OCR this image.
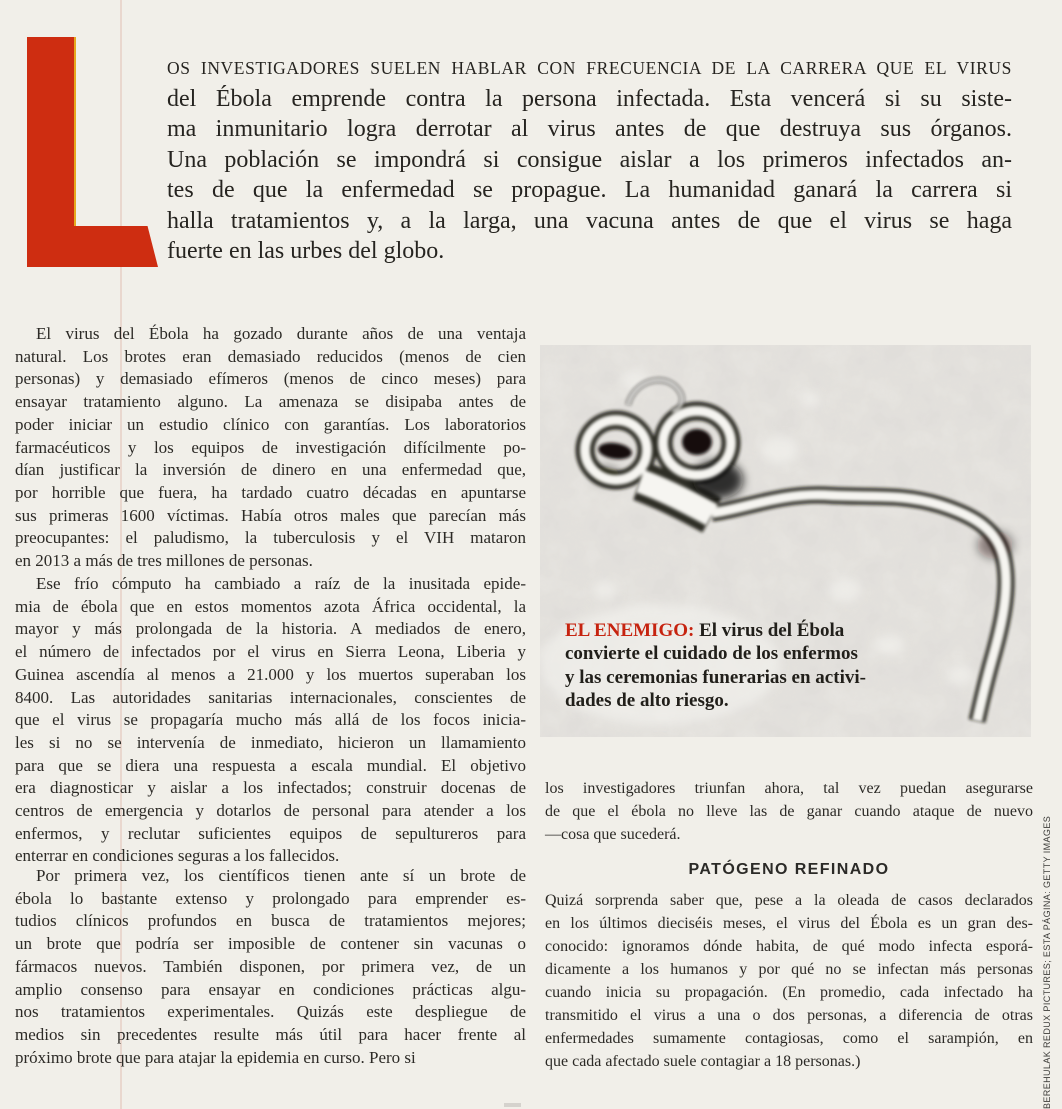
OS INVESTIGADORES SUELEN HABLAR CON FRECUENCIA DE LA CARRERA QUE EL VIRUS
del Ébola emprende contra la persona infectada. Esta vencerá si su siste-
ma inmunitario logra derrotar al virus antes de que destruya sus órganos.
Una población se impondrá si consigue aislar a los primeros infectados an-
tes de que la enfermedad se propague. La humanidad ganará la carrera si
halla tratamientos y, a la larga, una vacuna antes de que el virus se haga
fuerte en las urbes del globo.
El virus del Ébola ha gozado durante años de una ventaja
natural. Los brotes eran demasiado reducidos (menos de cien
personas) y demasiado efímeros (menos de cinco meses) para
ensayar tratamiento alguno. La amenaza se disipaba antes de
poder iniciar un estudio clínico con garantías. Los laboratorios
farmacéuticos y los equipos de investigación difícilmente po-
dían justificar la inversión de dinero en una enfermedad que,
por horrible que fuera, ha tardado cuatro décadas en apuntarse
sus primeras 1600 víctimas. Había otros males que parecían más
preocupantes: el paludismo, la tuberculosis y el VIH mataron
en 2013 a más de tres millones de personas.
Ese frío cómputo ha cambiado a raíz de la inusitada epide-
mia de ébola que en estos momentos azota África occidental, la
mayor y más prolongada de la historia. A mediados de enero,
el número de infectados por el virus en Sierra Leona, Liberia y
Guinea ascendía al menos a 21.000 y los muertos superaban los
8400. Las autoridades sanitarias internacionales, conscientes de
que el virus se propagaría mucho más allá de los focos inicia-
les si no se intervenía de inmediato, hicieron un llamamiento
para que se diera una respuesta a escala mundial. El objetivo
era diagnosticar y aislar a los infectados; construir docenas de
centros de emergencia y dotarlos de personal para atender a los
enfermos, y reclutar suficientes equipos de sepultureros para
enterrar en condiciones seguras a los fallecidos.
Por primera vez, los científicos tienen ante sí un brote de
ébola lo bastante extenso y prolongado para emprender es-
tudios clínicos profundos en busca de tratamientos mejores;
un brote que podría ser imposible de contener sin vacunas o
fármacos nuevos. También disponen, por primera vez, de un
amplio consenso para ensayar en condiciones prácticas algu-
nos tratamientos experimentales. Quizás este despliegue de
medios sin precedentes resulte más útil para hacer frente al
próximo brote que para atajar la epidemia en curso. Pero si
EL ENEMIGO: El virus del Ébola
convierte el cuidado de los enfermos
y las ceremonias funerarias en activi-
dades de alto riesgo.
los investigadores triunfan ahora, tal vez puedan asegurarse
de que el ébola no lleve las de ganar cuando ataque de nuevo
—cosa que sucederá.
PATÓGENO REFINADO
Quizá sorprenda saber que, pese a la oleada de casos declarados
en los últimos dieciséis meses, el virus del Ébola es un gran des-
conocido: ignoramos dónde habita, de qué modo infecta esporá-
dicamente a los humanos y por qué no se infectan más personas
cuando inicia su propagación. (En promedio, cada infectado ha
transmitido el virus a una o dos personas, a diferencia de otras
enfermedades sumamente contagiosas, como el sarampión, en
que cada afectado suele contagiar a 18 personas.)	BEREHULAK REDUX PICTURES; ESTA PÁGINA: GETTY IMAGES
